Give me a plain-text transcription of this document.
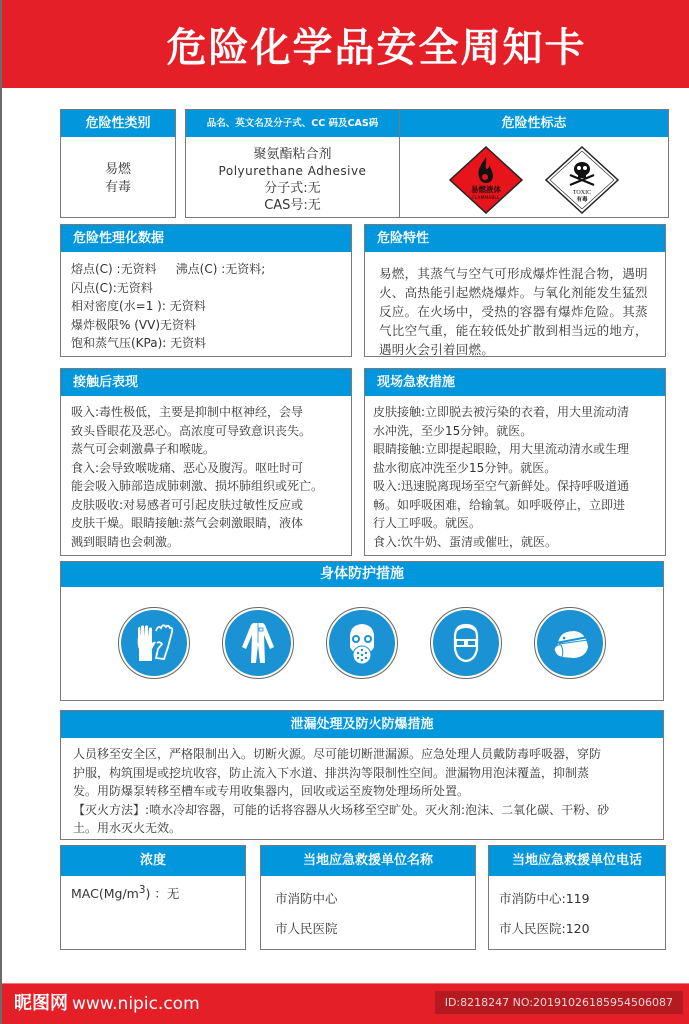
危险化学品安全周知卡
危险性类别
易燃
有毒
品名、英文名及分子式、CC 码及CAS码
聚氨酯粘合剂
Polyurethane Adhesive
分子式:无
CAS号:无
危险性标志
易燃液体
FLAMMABLE
TOXIC
有毒
危险性理化数据
熔点(C) :无资料     沸点(C) :无资料;
闪点(C):无资料
相对密度(水=1 ): 无资料
爆炸极限% (VV)无资料
饱和蒸气压(KPa): 无资料
危险特性
易燃，其蒸气与空气可形成爆炸性混合物，遇明火、高热能引起燃烧爆炸。与氧化剂能发生猛烈反应。在火场中，受热的容器有爆炸危险。其蒸气比空气重，能在较低处扩散到相当远的地方，遇明火会引着回燃。
接触后表现
吸入:毒性极低，主要是抑制中枢神经，会导
致头昏眼花及恶心。高浓度可导致意识丧失。
蒸气可会刺激鼻子和喉咙。
食入:会导致喉咙痛、恶心及腹泻。呕吐时可
能会吸入肺部造成肺刺激、损坏肺组织或死亡。
皮肤吸收:对易感者可引起皮肤过敏性反应或
皮肤干燥。眼睛接触:蒸气会刺激眼睛，液体
溅到眼睛也会刺激。
现场急救措施
皮肤接触:立即脱去被污染的衣着，用大里流动清
水冲洗，至少15分钟。就医。
眼睛接触:立即提起眼睑，用大里流动清水或生理
盐水彻底冲洗至少15分钟。就医。
吸入:迅速脱离现场至空气新鲜处。保持呼吸道通
畅。如呼吸困难，给输氧。如呼吸停止，立即进
行人工呼吸。就医。
食入:饮牛奶、蛋清或催吐，就医。
身体防护措施
泄漏处理及防火防爆措施
人员移至安全区，严格限制出入。切断火源。尽可能切断泄漏源。应急处理人员戴防毒呼吸器，穿防
护服，构筑围堤或挖坑收容，防止流入下水道、排洪沟等限制性空间。泄漏物用泡沫覆盖，抑制蒸
发。用防爆泵转移至槽车或专用收集器内，回收或运至废物处理场所处置。
【灭火方法】:喷水冷却容器，可能的话将容器从火场移至空旷处。灭火剂:泡沫、二氧化碳、干粉、砂
土。用水灭火无效。
浓度
$MAC(Mg/m^3)$ ：无
当地应急救援单位名称
市消防中心
市人民医院
当地应急救援单位电话
市消防中心:119
市人民医院:120
昵图网 www.nipic.com	ID:8218247 NO:20191026185954506087
